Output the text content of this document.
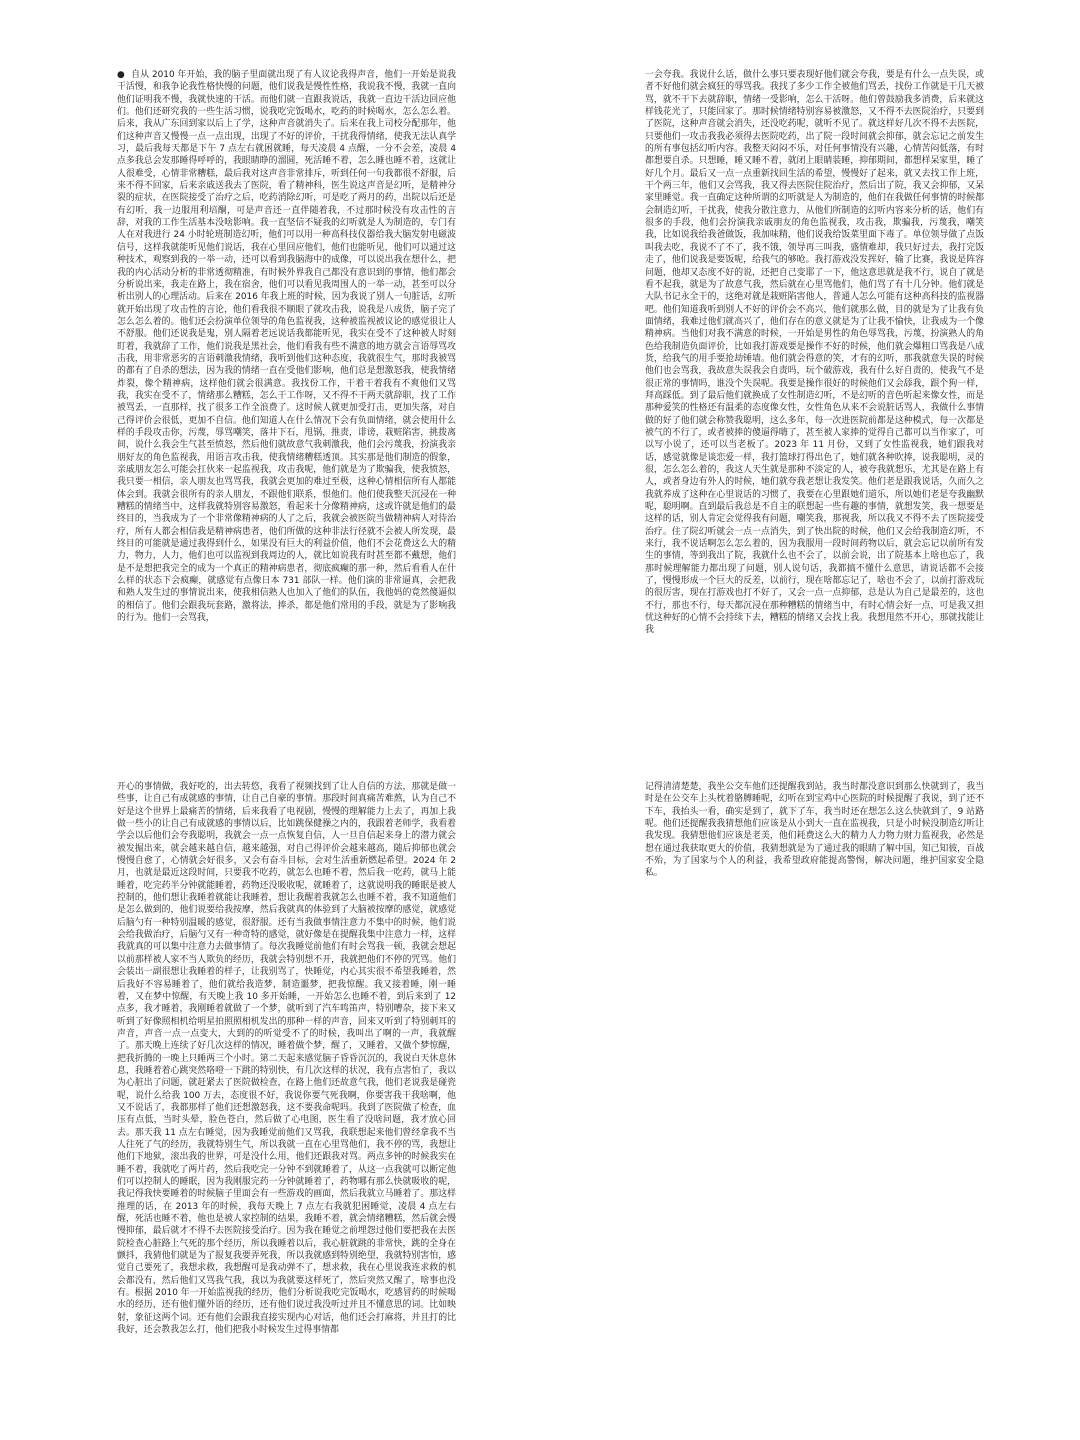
● 自从 2010 年开始，我的脑子里面就出现了有人议论我得声音，他们一开始是说我干活慢，和我争论我性格快慢的问题，他们说我是慢性性格，我说我不慢，我就一直向他们证明我不慢，我就快速的干活。而他们就一直跟我说话，我就一直边干活边回应他们。他们还研究我的一些生活习惯，说我吃完饭喝水，吃药的时候喝水，怎么怎么着。后来，我从广东回到家以后上了学，这种声音就消失了。后来在我上司校分配那年，他们这种声音又慢慢一点一点出现，出现了不好的评价，干扰我得情绪，使我无法认真学习，最后我每天都是下午 7 点左右就困就睡，每天凌晨 4 点醒，一分不会差，凌晨 4 点多我总会发那睡得呼呼的，我眼睛睁的溜圆，死活睡不着，怎么睡也睡不着，这就让人很难受，心情非常糟糕，最后我对这声音非常排斥，听到任何一句我都很不舒服，后来不得不回家，后来亲戚送我去了医院，看了精神科，医生说这声音是幻听，是精神分裂的症状，在医院接受了治疗之后，吃药消除幻听，可是吃了两月的药，出院以后还是有幻听，我一边服用利培酮，可是声音还一直伴随着我，不过那时候没有攻击性的言辞，对我的工作生活基本没啥影响。我一直坚信不疑我的幻听就是人为制造的，专门有人在对我进行 24 小时轮班制造幻听，他们可以用一种高科技仪器给我大脑发射电磁波信号，这样我就能听见他们说话，我在心里回应他们，他们也能听见，他们可以通过这种技术，观察到我的一举一动，还可以看到我脑海中的成像，可以说出我在想什么，把我的内心活动分析的非常透彻精准，有时候外界我自己都没有意识到的事情，他们都会分析说出来，我走在路上，我在宿舍，他们可以看见我周围人的一举一动，甚至可以分析出别人的心理活动。后来在 2016 年我上班的时候，因为我说了别人一句脏话，幻听就开始出现了攻击性的言论，他们看我很不顺眼了就攻击我，说我是八成货，脑子完了怎么怎么着的。他们还会扮演单位领导的角色监视我，这种被监视被议论的感觉很让人不舒服。他们还说我是鬼，别人隔着老远说话我都能听见，我实在受不了这种被人时刻盯着，我就辞了工作，他们说我是黑社会，他们看我有些不满意的地方就会言语辱骂攻击我，用非常恶劣的言语刺激我情绪，我听到他们这种态度，我就很生气，那时我被骂的都有了自杀的想法，因为我的情绪一直在受他们影响，他们总是想激怒我，使我情绪炸裂，像个精神病，这样他们就会很满意。我找份工作，干着干着我有不爽他们又骂我，我实在受不了，情绪那么糟糕，怎么干工作呀，又不得不干两天就辞职，找了工作被骂丢，一直那样，找了很多工作全浪费了。这时候人就更加受打击，更加失落，对自己得评价会很低，更加不自信。他们知道人在什么情况下会有负面情绪，就会使用什么样的手段攻击你，污蔑，辱骂嘲笑，落井下石，甩锅，推责，诽谤，栽赃陷害，挑拨离间，说什么我会生气甚至愤怒，然后他们就故意气我刺激我，他们会污蔑我，扮演我亲朋好友的角色监视我，用语言攻击我，使我情绪糟糕透顶。其实那是他们制造的假象，亲戚朋友怎么可能会扛伙来一起监视我，攻击我呢，他们就是为了欺骗我，使我愤怒，我只要一相信，亲人朋友也骂骂我，我就会更加的难过至极，这种心情相信所有人都能体会到。我就会很所有的亲人朋友，不跟他们联系，恨他们。他们使我整天沉浸在一种糟糕的情绪当中，这样我就特别容易激怒，看起来十分像精神病，这或许就是他们的最终目的，当我成为了一个非常像精神病的人了之后，我就会被医院当做精神病人对待治疗，所有人都会相信我是精神病患者，他们所做的这种非法行径就不会被人所发现，最终目的可能就是通过我得到什么，如果没有巨大的利益价值，他们不会花费这么大的精力，物力，人力，他们也可以监视到我周边的人，就比如说我有时甚至都不戴想，他们是不是想把我完全的成为一个真正的精神病患者，彻底疯癫的那一种，然后看看人在什么样的状态下会疯癫，就感觉有点像日本 731 部队一样。他们演的非常逼真，会把我和熟人发生过的事情说出来，使我相信熟人也加入了他们的队伍，我他妈的竟然傻逼似的相信了。他们会跟我玩套路，激将法，捧杀，都是他们常用的手段，就是为了影响我的行为。他们一会骂我，
一会夸我。我说什么话，做什么事只要表现好他们就会夸我，要是有什么一点失误，或者不好他们就会疯狂的辱骂我。我找了多少工作全被他们骂丢，找份工作就是干几天被骂，就不干下去就辞职，情绪一受影响，怎么干活呀。他们曾鼓励我多消费，后来就这样钱花光了，只能回家了。那时候情绪特别容易被激怒，又不得不去医院治疗，只要到了医院，这种声音就会消失，还没吃药呢，就听不见了。就这样好几次不得不去医院，只要他们一攻击我我必须得去医院吃药，出了院一段时间就会抑郁，就会忘记之前发生的所有事包括幻听内容。我整天闷闷不乐，对任何事情没有兴趣，心情苦闷低落，有时都想要自杀。只想睡，睡又睡不着，就闭上眼睛装睡，抑郁期间，都想样呆家里，睡了好几个月。最后又一点一点重新找回生活的希望，慢慢好了起来，就又去找工作上班，干个两三年，他们又会骂我，我又得去医院住院治疗，然后出了院，我又会抑郁，又呆家里睡觉。我一直确定这种所谓的幻听就是人为制造的，他们在我做任何事情的时候都会制造幻听，干扰我，使我分散注意力，从他们所制造的幻听内容来分析的话，他们有很多的手段，他们会扮演我亲戚朋友的角色监视我，攻击我，欺骗我，污蔑我，嘲笑我，比如说我给我爸做饭，我加味精，他们说我给饭菜里面下毒了。单位领导做了点饭叫我去吃，我说不了不了，我不饿，领导再三叫我，盛情难却，我只好过去，我打完饭走了，他们说我是要饭呢，给我气的够呛。我打游戏没发挥好，输了比赛，我说是阵容问题，他却又态度不好的说，还把自己变耶了一下，他这意思就是我不行，说自了就是看不起我，就是为了故意气我，然后就在心里骂他们，他们骂了有十几分钟。他们就是大队书记永全干的，这绝对就是栽赃陷害他人，普通人怎么可能有这种高科技的监视器吧。他们知道我听到别人不好的评价会不高兴，他们就那么做，目的就是为了让我有负面情绪，我难过他们就高兴了，他们存在的意义就是为了让我不愉快，让我成为一个像精神病。当他们对我不满意的时候，一开始是男性的角色辱骂我，污蔑，扮演熟人的角色给我制造负面评价，比如我打游戏要是操作不好的时候，他们就会爆粗口骂我是八成货，给我气的用手要抢劫锤墙。他们就会得意的笑，才有的幻听，那我就意失误的时候他们也会骂我，我故意失误我会自责吗，玩个破游戏，我有什么好自责的，使我气不是很正常的事情吗，谁没个失误呢。我要是操作很好的时候他们又会舔我，跟个狗一样，拜高踩低。到了最后他们就换成了女性制造幻听，不是幻听的音色听起来像女性，而是那种爱笑的性格还有温柔的态度像女性，女性角色从来不会说脏话骂人，我做什么事情做的好了他们就会称赞我聪明，这么多年，每一次进医院前都是这种模式，每一次都是被气的不行了，或者被捧的傻逼得嗨了，甚至被人家捧的觉得自己都可以当作家了，可以写小说了，还可以当老板了。2023 年 11 月份，又到了女性监视我，她们跟我对话，感觉就像是谈恋爱一样，我打篮球打得出色了，她们就各种吹捧，说我聪明，灵的很，怎么怎么着的，我这人天生就是那种不淡定的人，被夸我就想乐，尤其是在路上有人，或者身边有外人的时候，她们就夸我老想让我发笑。他们老是跟我说话，久而久之我就养成了这种在心里说话的习惯了，我要在心里跟她们道乐，所以她们老是夸我幽默呢，聪明啊。直到最后我总是不自主的联想起一些有趣的事情，就想发笑，我一想要是这样的话，别人肯定会觉得我有问题，嘲笑我，那视我，所以我又不得不去了医院接受治疗。住了院幻听就会一点一点消失，到了快出院的时候，他们又会给我制造幻听，不来行，我不说话啊怎么怎么着的，因为我服用一段时间药物以后，就会忘记以前所有发生的事情，等到我出了院，我就什么也不会了，以前会说，出了院基本上啥也忘了，我那时候理解能力都出现了问题，别人说句话，我都搞不懂什么意思，请说话都不会接了，慢慢形成一个巨大的反差，以前行，现在啥都忘记了，啥也不会了，以前打游戏玩的很厉害，现在打游戏也打不好了，又会一点一点抑郁，总是认为自己是最差的，这也不行，那也不行，每天都沉浸在那种糟糕的情绪当中，有时心情会好一点，可是我又担忧这种好的心情不会持续下去，糟糕的情绪又会找上我。我想甩然不开心，那就找能让我
开心的事情做，我好吃的，出去转悠，我看了视频找到了让人自信的方法，那就是做一些事，让自己有成就感的事情，让自己自豪的事情。那段时间真痛苦难熬，认为自己不好是这个世界上最痛苦的情绪，后来我看了电视剧，慢慢的理解能力上去了，再加上我做一些小的让自己有成就感的事情以后，比如跳保健操之内的，我跟着老师学，我看着学会以后他们会夸我聪明，我就会一点一点恢复自信，人一旦自信起来身上的潜力就会被发掘出来，就会越来越自信，越来越强，对自己得评价会越来越高，随后抑郁也就会慢慢自愈了，心情就会好很多，又会有奋斗目标，会对生活重新燃起希望。2024 年 2 月，也就是最近这段时间，只要我不吃药，就怎么也睡不着，然后我一吃药，就马上能睡着，吃完药半分钟就能睡着，药物还没吸收呢，就睡着了，这就说明我的睡眠是被人控制的，他们想让我睡着就能让我睡着，想让我醒着我就怎么也睡不着，我不知道他们是怎么做到的，他们说要给我按摩，然后我就真的体验到了大脑被按摩的感觉，就感觉后脑勺有一种特别温暖的感觉，很舒服。还有当我做事情注意力不集中的时候，他们说会给我做治疗，后脑勺又有一种奇特的感觉，就好像是在提醒我集中注意力一样，这样我就真的可以集中注意力去做事情了。每次我睡觉前他们有时会骂我一顿，我就会想起以前那样被人家不当人欺负的经历，我就会特别想不开，我就把他们不停的咒骂。他们会装出一副很想让我睡着的样子，让我别骂了，快睡觉，内心其实很不希望我睡着，然后我好不容易睡着了，他们就给我造梦，制造噩梦，把我惊醒。我又接着睡，刚一睡着，又在梦中惊醒，有天晚上我 10 多开始睡，一开始怎么也睡不着，到后来到了 12 点多，我才睡着，我刚睡着就做了一个梦，就听到了汽车鸣笛声，特别嘈杂，接下来又听到了好像照相机给明星拍照照相机发出的那种一样的声音，回来又听到了特别刺耳的声音，声音一点一点变大，大到的的听觉受不了的时候，我叫出了啊的一声，我就醒了。那天晚上连续了好几次这样的情况，睡着做个梦，醒了，又睡着，又做个梦惊醒，把我折腾的一晚上只睡两三个小时。第二天起来感觉脑子昏昏沉沉的，我说白天休息休息，我睡着着心跳突然咯噔一下跳的特别快，有几次这样的状况，我有点害怕了，我以为心脏出了问题，就赶紧去了医院做检查，在路上他们还故意气我，他们老说我是碰瓷呢，说什么给我 100 万去，态度很不好，我说你要气死我啊，你要害我干我啥啊，他又不说话了，我都那样了他们还想激怒我，这不要我命呢吗。我到了医院做了检查，血压有点低，当时头晕，脸色苍白，然后做了心电图，医生看了没啥问题，我才放心回去。那天我 11 点左右睡觉，因为我睡觉前他们又骂我，我联想起来他们曾经拿我不当人往死了气的经历，我就特别生气，所以我就一直在心里骂他们，我不停的骂，我想让他们下地狱，滚出我的世界，可是没什么用，他们还跟我对骂。两点多钟的时候我实在睡不着，我就吃了两片药，然后我吃完一分钟不到就睡着了，从这一点我就可以断定他们可以控制人的睡眠，因为我刚服完药一分钟就睡着了，药物哪有那么快就吸收的呢，我记得我快要睡着的时候脑子里面会有一些游戏的画面，然后我就立马睡着了。那这样推理的话，在 2013 年的时候，我每天晚上 7 点左右我就犯困睡觉，凌晨 4 点左右醒，死活也睡不着，他也是被人家控制的结果，我睡不着，就会情绪糟糕，然后就会慢慢抑郁，最后就才不得不去医院接受治疗。因为我在睡觉之前埋怨过他们要把我在去医院检查心脏路上气死的那个经历，所以我睡着以后，我心脏就跳的非常快，跳的全身在颤抖，我猜他们就是为了报复我要弄死我，所以我就感到特别绝望，我就特别害怕，感觉自己要死了，我想求救，我想醒可是我动弹不了，想求救，我在心里说我连求救的机会都没有，然后他们又骂我气我，我以为我就要这样死了，然后突然又醒了，啥事也没有。根据 2010 年一开始监视我的经历，他们分析说我吃完饭喝水，吃感冒药的时候喝水的经历，还有他们懂外语的经历，还有他们说过我没听过并且不懂意思的词。比如映射，象征这两个词。还有他们会跟我直接实现内心对话，他们还会打麻将，并且打的比我好，还会教我怎么打，他们把我小时候发生过得事情都
记得清清楚楚，我坐公交车他们还提醒我到站，我当时都没意识到那么快就到了，我当时是在公交车上头枕着胳膊睡呢，幻听在到宝鸡中心医院的时候提醒了我说，到了还不下车，我抬头一看，确实是到了，就下了车，我当时还在想怎么这么快就到了，9 站路呢。他们还提醒我我猜想他们应该是从小到大一直在监视我，只是小时候没制造幻听让我发现。我猜想他们应该是老美，他们耗费这么大的精力人力物力财力监视我，必然是想在通过我获取更大的价值，我猜想就是为了通过我的眼睛了解中国，知己知彼，百战不殆，为了国家与个人的利益，我希望政府能提高警惕，解决问题，维护国家安全隐私。
